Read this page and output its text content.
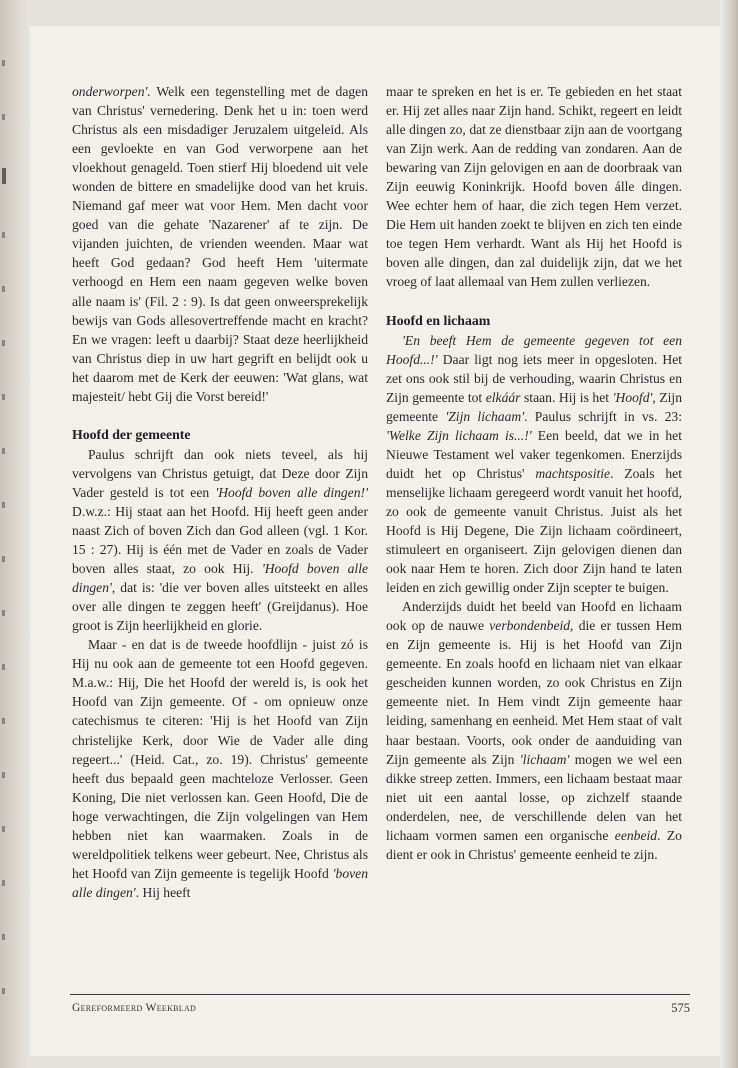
onderworpen'. Welk een tegenstelling met de dagen van Christus' vernedering. Denk het u in: toen werd Christus als een misdadiger Jeruzalem uitgeleid. Als een gevloekte en van God verworpene aan het vloekhout genageld. Toen stierf Hij bloedend uit vele wonden de bittere en smadelijke dood van het kruis. Niemand gaf meer wat voor Hem. Men dacht voor goed van die gehate 'Nazarener' af te zijn. De vijanden juichten, de vrienden weenden. Maar wat heeft God gedaan? God heeft Hem 'uitermate verhoogd en Hem een naam gegeven welke boven alle naam is' (Fil. 2 : 9). Is dat geen onweersprekelijk bewijs van Gods allesovertreffende macht en kracht? En we vragen: leeft u daarbij? Staat deze heerlijkheid van Christus diep in uw hart gegrift en belijdt ook u het daarom met de Kerk der eeuwen: 'Wat glans, wat majesteit/ hebt Gij die Vorst bereid!'

Hoofd der gemeente

Paulus schrijft dan ook niets teveel, als hij vervolgens van Christus getuigt, dat Deze door Zijn Vader gesteld is tot een 'Hoofd boven alle dingen!' D.w.z.: Hij staat aan het Hoofd. Hij heeft geen ander naast Zich of boven Zich dan God alleen (vgl. 1 Kor. 15 : 27). Hij is één met de Vader en zoals de Vader boven alles staat, zo ook Hij. 'Hoofd boven alle dingen', dat is: 'die ver boven alles uitsteekt en alles over alle dingen te zeggen heeft' (Greijdanus). Hoe groot is Zijn heerlijkheid en glorie.

Maar - en dat is de tweede hoofdlijn - juist zó is Hij nu ook aan de gemeente tot een Hoofd gegeven. M.a.w.: Hij, Die het Hoofd der wereld is, is ook het Hoofd van Zijn gemeente. Of - om opnieuw onze catechismus te citeren: 'Hij is het Hoofd van Zijn christelijke Kerk, door Wie de Vader alle ding regeert...' (Heid. Cat., zo. 19). Christus' gemeente heeft dus bepaald geen machteloze Verlosser. Geen Koning, Die niet verlossen kan. Geen Hoofd, Die de hoge verwachtingen, die Zijn volgelingen van Hem hebben niet kan waarmaken. Zoals in de wereldpolitiek telkens weer gebeurt. Nee, Christus als het Hoofd van Zijn gemeente is tegelijk Hoofd 'boven alle dingen'. Hij heeft

maar te spreken en het is er. Te gebieden en het staat er. Hij zet alles naar Zijn hand. Schikt, regeert en leidt alle dingen zo, dat ze dienstbaar zijn aan de voortgang van Zijn werk. Aan de redding van zondaren. Aan de bewaring van Zijn gelovigen en aan de doorbraak van Zijn eeuwig Koninkrijk. Hoofd boven álle dingen. Wee echter hem of haar, die zich tegen Hem verzet. Die Hem uit handen zoekt te blijven en zich ten einde toe tegen Hem verhardt. Want als Hij het Hoofd is boven alle dingen, dan zal duidelijk zijn, dat we het vroeg of laat allemaal van Hem zullen verliezen.

Hoofd en lichaam

'En beeft Hem de gemeente gegeven tot een Hoofd...!' Daar ligt nog iets meer in opgesloten. Het zet ons ook stil bij de verhouding, waarin Christus en Zijn gemeente tot elkáár staan. Hij is het 'Hoofd', Zijn gemeente 'Zijn lichaam'. Paulus schrijft in vs. 23: 'Welke Zijn lichaam is...!' Een beeld, dat we in het Nieuwe Testament wel vaker tegenkomen. Enerzijds duidt het op Christus' machtspositie. Zoals het menselijke lichaam geregeerd wordt vanuit het hoofd, zo ook de gemeente vanuit Christus. Juist als het Hoofd is Hij Degene, Die Zijn lichaam coördineert, stimuleert en organiseert. Zijn gelovigen dienen dan ook naar Hem te horen. Zich door Zijn hand te laten leiden en zich gewillig onder Zijn scepter te buigen.

Anderzijds duidt het beeld van Hoofd en lichaam ook op de nauwe verbondenbeid, die er tussen Hem en Zijn gemeente is. Hij is het Hoofd van Zijn gemeente. En zoals hoofd en lichaam niet van elkaar gescheiden kunnen worden, zo ook Christus en Zijn gemeente niet. In Hem vindt Zijn gemeente haar leiding, samenhang en eenheid. Met Hem staat of valt haar bestaan. Voorts, ook onder de aanduiding van Zijn gemeente als Zijn 'lichaam' mogen we wel een dikke streep zetten. Immers, een lichaam bestaat maar niet uit een aantal losse, op zichzelf staande onderdelen, nee, de verschillende delen van het lichaam vormen samen een organische eenbeid. Zo dient er ook in Christus' gemeente eenheid te zijn.

Gereformeerd Weekblad	575
